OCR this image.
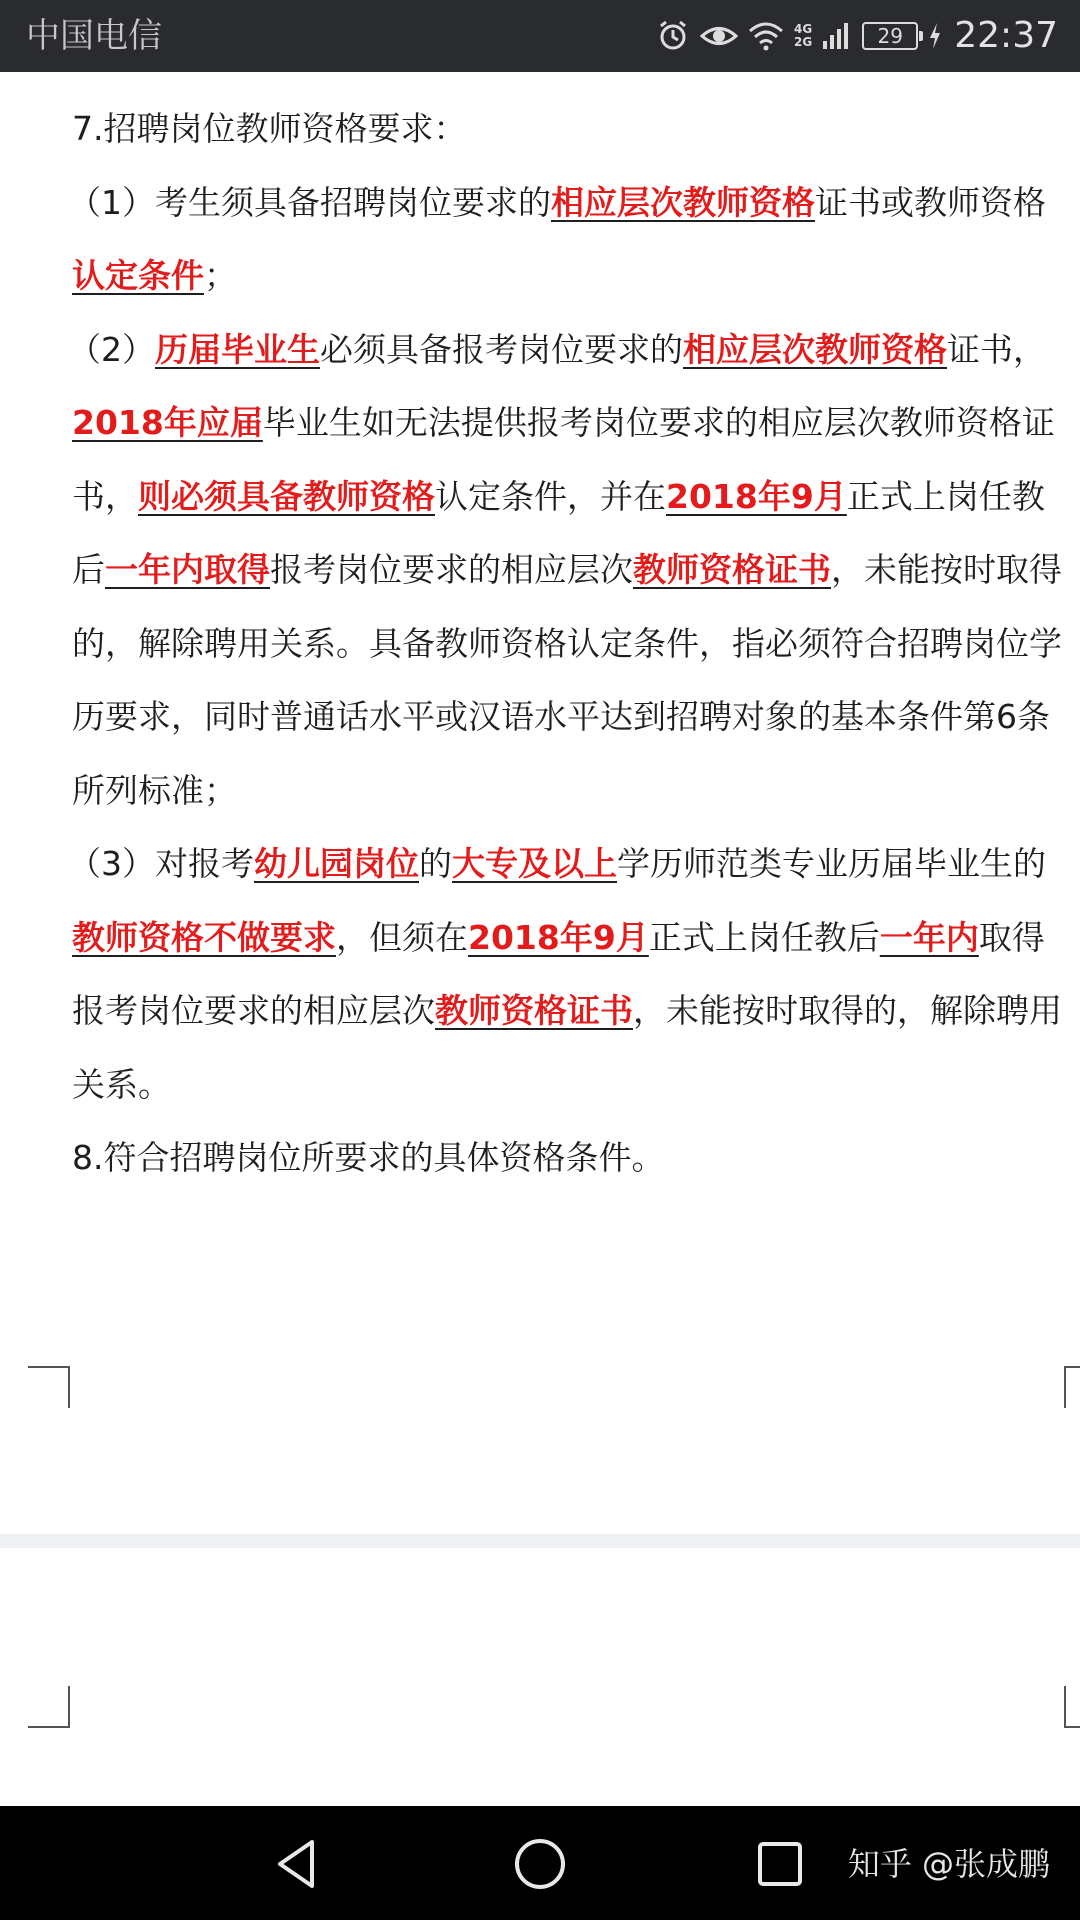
中国电信	4G
2G	29	22:37

7.招聘岗位教师资格要求：

（1）考生须具备招聘岗位要求的相应层次教师资格证书或教师资格认定条件；

（2）历届毕业生必须具备报考岗位要求的相应层次教师资格证书，2018年应届毕业生如无法提供报考岗位要求的相应层次教师资格证书，则必须具备教师资格认定条件，并在2018年9月正式上岗任教后一年内取得报考岗位要求的相应层次教师资格证书，未能按时取得的，解除聘用关系。具备教师资格认定条件，指必须符合招聘岗位学历要求，同时普通话水平或汉语水平达到招聘对象的基本条件第6条所列标准；

（3）对报考幼儿园岗位的大专及以上学历师范类专业历届毕业生的教师资格不做要求，但须在2018年9月正式上岗任教后一年内取得报考岗位要求的相应层次教师资格证书，未能按时取得的，解除聘用关系。

8.符合招聘岗位所要求的具体资格条件。

知乎 @张成鹏
